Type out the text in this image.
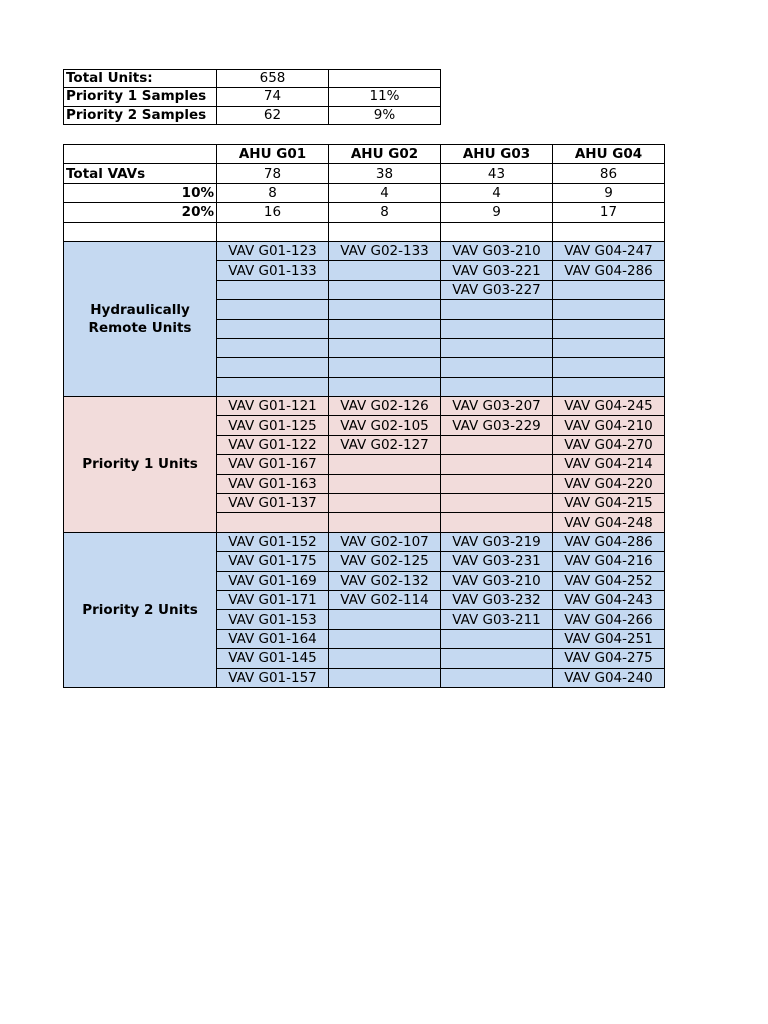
Total Units:	658	
Priority 1 Samples	74	11%
Priority 2 Samples	62	9%
	AHU G01	AHU G02	AHU G03	AHU G04
Total VAVs	78	38	43	86
10%	8	4	4	9
20%	16	8	9	17

Hydraulically Remote Units	VAV G01-123	VAV G02-133	VAV G03-210	VAV G04-247
	VAV G01-133		VAV G03-221	VAV G04-286
			VAV G03-227	

Priority 1 Units	VAV G01-121	VAV G02-126	VAV G03-207	VAV G04-245
	VAV G01-125	VAV G02-105	VAV G03-229	VAV G04-210
	VAV G01-122	VAV G02-127		VAV G04-270
	VAV G01-167			VAV G04-214
	VAV G01-163			VAV G04-220
	VAV G01-137			VAV G04-215
				VAV G04-248
Priority 2 Units	VAV G01-152	VAV G02-107	VAV G03-219	VAV G04-286
	VAV G01-175	VAV G02-125	VAV G03-231	VAV G04-216
	VAV G01-169	VAV G02-132	VAV G03-210	VAV G04-252
	VAV G01-171	VAV G02-114	VAV G03-232	VAV G04-243
	VAV G01-153		VAV G03-211	VAV G04-266
	VAV G01-164			VAV G04-251
	VAV G01-145			VAV G04-275
	VAV G01-157			VAV G04-240
